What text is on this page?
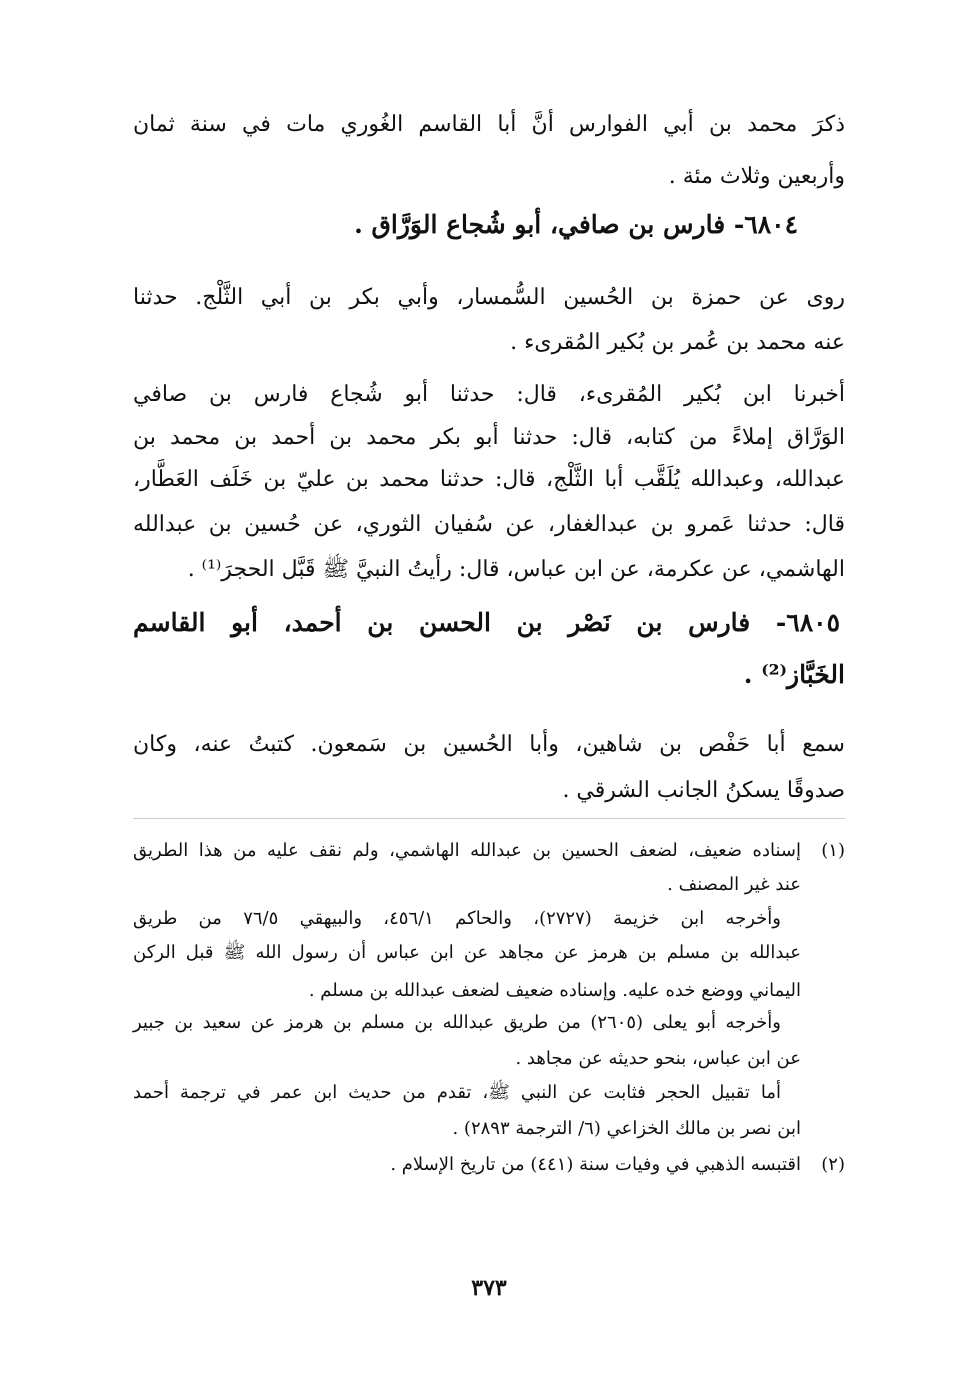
ذكرَ محمد بن أبي الفوارس أنَّ أبا القاسم الغُوري مات في سنة ثمان
وأربعين وثلاث مئة .
٦٨٠٤- فارس بن صافي، أبو شُجاع الوَرَّاق .
روى عن حمزة بن الحُسين السُّمسار، وأبي بكر بن أبي الثَّلْج. حدثنا
عنه محمد بن عُمر بن بُكير المُقرىء .
أخبرنا ابن بُكير المُقرىء، قال: حدثنا أبو شُجاع فارس بن صافي
الوَرَّاق إملاءً من كتابه، قال: حدثنا أبو بكر محمد بن أحمد بن محمد بن
عبدالله، وعبدالله يُلَقَّب أبا الثَّلْج، قال: حدثنا محمد بن عليّ بن خَلَف العَطَّار،
قال: حدثنا عَمرو بن عبدالغفار، عن سُفيان الثوري، عن حُسين بن عبدالله
الهاشمي، عن عكرمة، عن ابن عباس، قال: رأيتُ النبيَّ ﷺ قَبَّل الحجرَ⁽¹⁾ .
٦٨٠٥- فارس بن نَصْر بن الحسن بن أحمد، أبو القاسم
الخَبَّاز⁽²⁾ .
سمع أبا حَفْص بن شاهين، وأبا الحُسين بن سَمعون. كتبتُ عنه، وكان
صدوقًا يسكنُ الجانب الشرقي .
(١)
إسناده ضعيف، لضعف الحسين بن عبدالله الهاشمي، ولم نقف عليه من هذا الطريق
عند غير المصنف .
وأخرجه ابن خزيمة (٢٧٢٧)، والحاكم ٤٥٦/١، والبيهقي ٧٦/٥ من طريق
عبدالله بن مسلم بن هرمز عن مجاهد عن ابن عباس أن رسول الله ﷺ قبل الركن
اليماني ووضع خده عليه. وإسناده ضعيف لضعف عبدالله بن مسلم .
وأخرجه أبو يعلى (٢٦٠٥) من طريق عبدالله بن مسلم بن هرمز عن سعيد بن جبير
عن ابن عباس، بنحو حديثه عن مجاهد .
أما تقبيل الحجر فثابت عن النبي ﷺ، تقدم من حديث ابن عمر في ترجمة أحمد
ابن نصر بن مالك الخزاعي (٦/ الترجمة ٢٨٩٣) .
(٢)
اقتبسه الذهبي في وفيات سنة (٤٤١) من تاريخ الإسلام .
٣٧٣
